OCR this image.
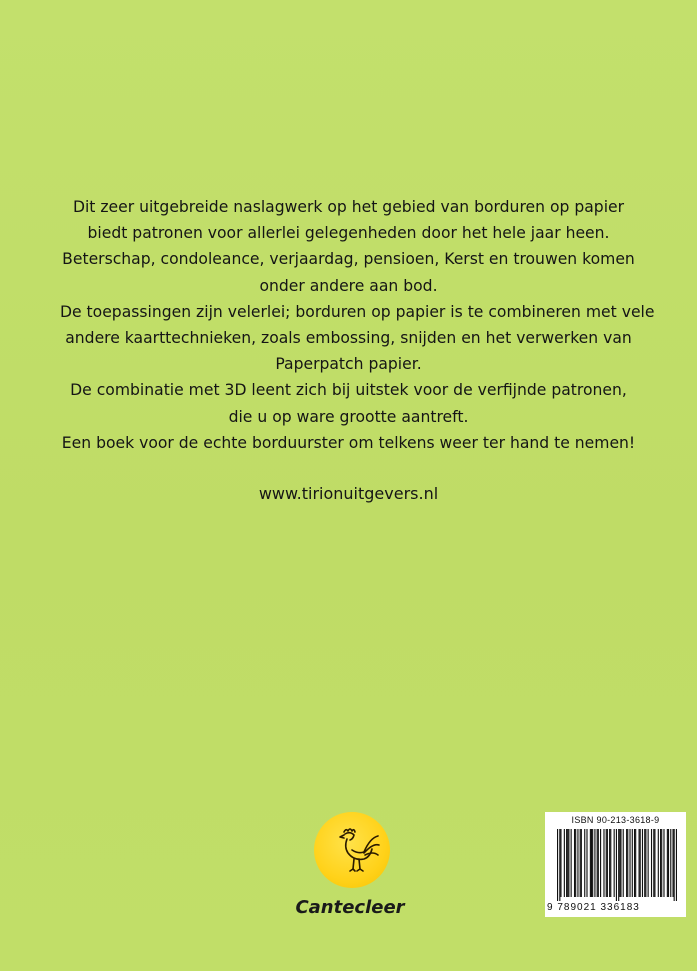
Dit zeer uitgebreide naslagwerk op het gebied van borduren op papier
biedt patronen voor allerlei gelegenheden door het hele jaar heen.
Beterschap, condoleance, verjaardag, pensioen, Kerst en trouwen komen
onder andere aan bod.
De toepassingen zijn velerlei; borduren op papier is te combineren met vele
andere kaarttechnieken, zoals embossing, snijden en het verwerken van
Paperpatch papier.
De combinatie met 3D leent zich bij uitstek voor de verfijnde patronen,
die u op ware grootte aantreft.
Een boek voor de echte borduurster om telkens weer ter hand te nemen!
www.tirionuitgevers.nl
Cantecleer
ISBN 90-213-3618-9
9 789021 336183
